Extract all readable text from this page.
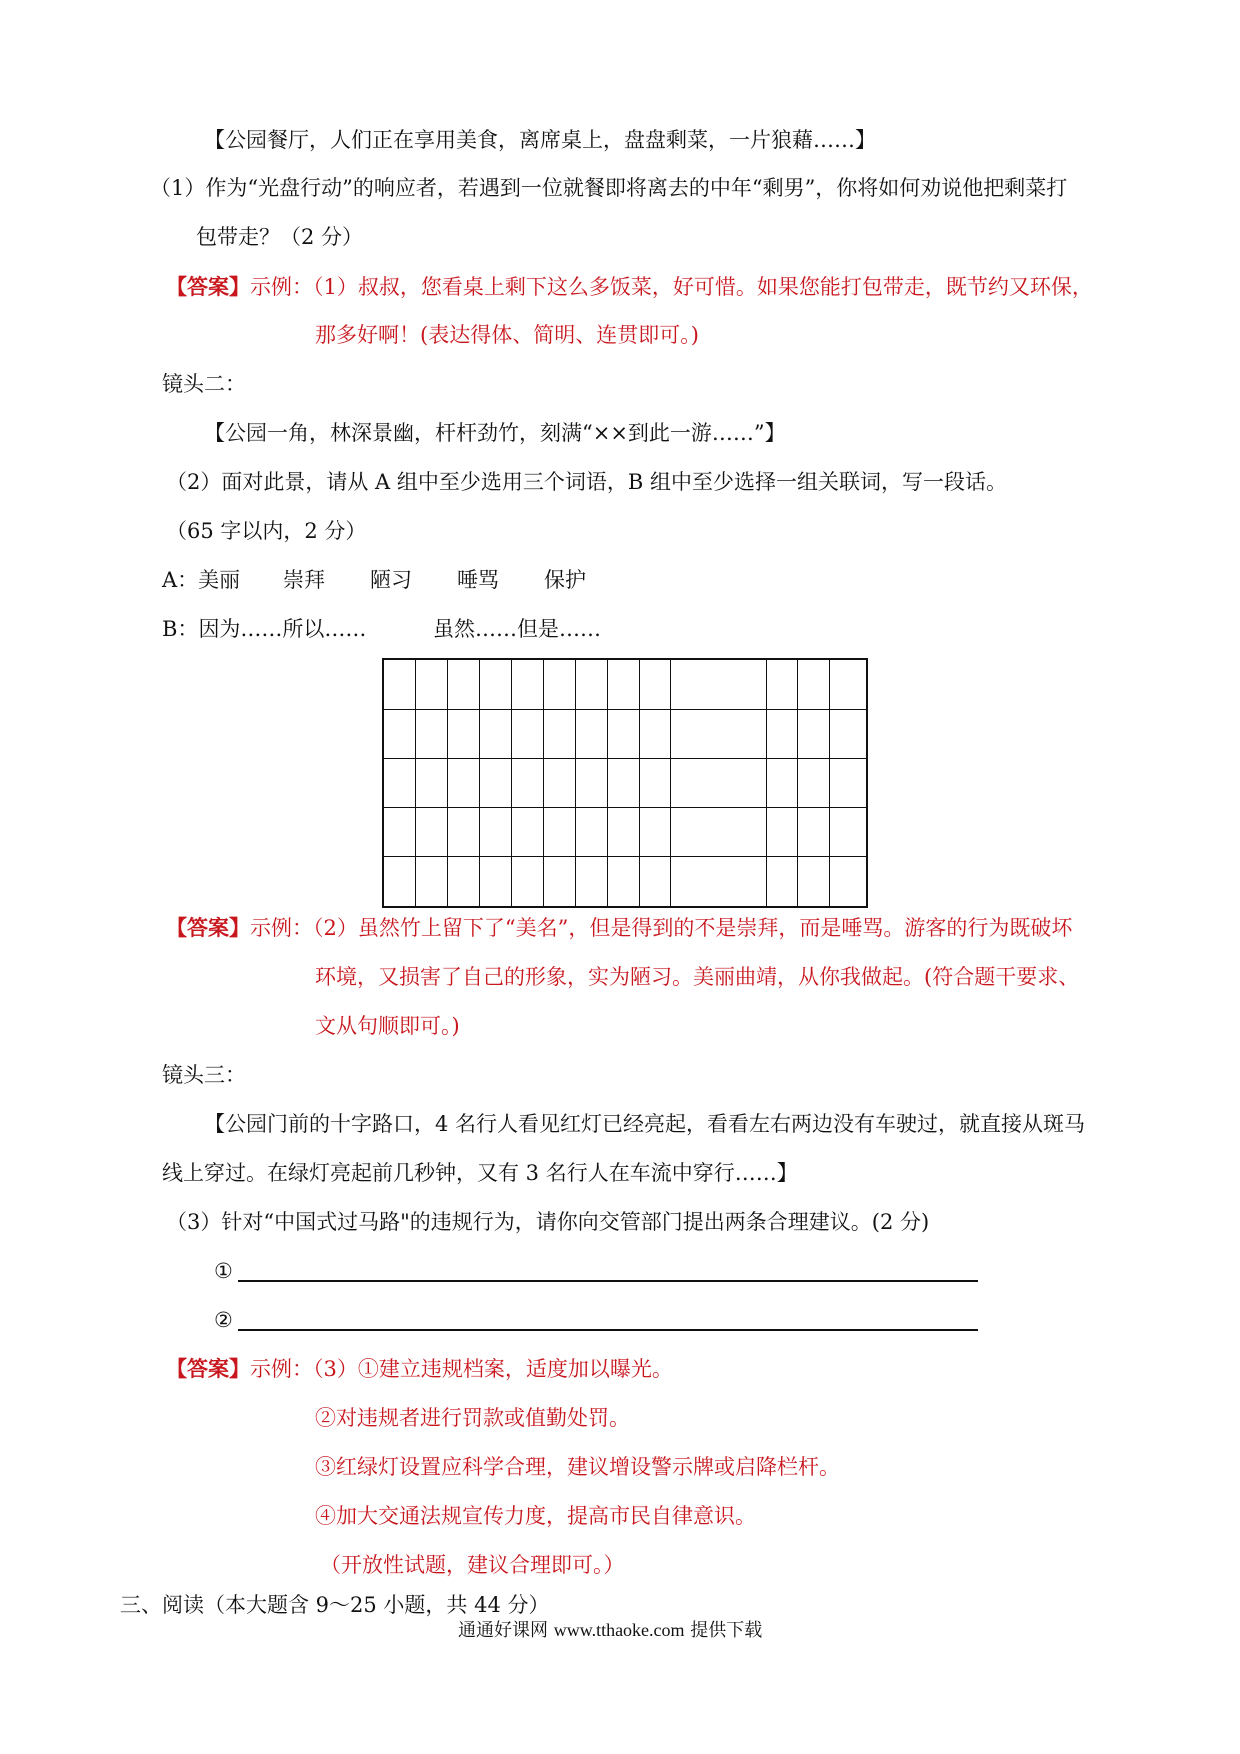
【公园餐厅，人们正在享用美食，离席桌上，盘盘剩菜，一片狼藉……】
（1）作为“光盘行动”的响应者，若遇到一位就餐即将离去的中年“剩男”，你将如何劝说他把剩菜打
包带走？（2 分）
【答案】示例：（1）叔叔，您看桌上剩下这么多饭菜，好可惜。如果您能打包带走，既节约又环保，
那多好啊！(表达得体、简明、连贯即可。)
镜头二：
【公园一角，林深景幽，杆杆劲竹，刻满“××到此一游……”】
（2）面对此景，请从 A 组中至少选用三个词语，B 组中至少选择一组关联词，写一段话。
（65 字以内，2 分）
A：美丽 崇拜 陋习 唾骂 保护
B：因为……所以……	虽然……但是……
【答案】示例：（2）虽然竹上留下了“美名”，但是得到的不是崇拜，而是唾骂。游客的行为既破坏
环境，又损害了自己的形象，实为陋习。美丽曲靖，从你我做起。(符合题干要求、
文从句顺即可。)
镜头三：
【公园门前的十字路口，4 名行人看见红灯已经亮起，看看左右两边没有车驶过，就直接从斑马
线上穿过。在绿灯亮起前几秒钟，又有 3 名行人在车流中穿行……】
（3）针对“中国式过马路"的违规行为，请你向交管部门提出两条合理建议。(2 分)
①
②
【答案】示例：（3）①建立违规档案，适度加以曝光。
②对违规者进行罚款或值勤处罚。
③红绿灯设置应科学合理，建议增设警示牌或启降栏杆。
④加大交通法规宣传力度，提高市民自律意识。
（开放性试题，建议合理即可。）
三、阅读（本大题含 9～25 小题，共 44 分）
通通好课网 www.tthaoke.com 提供下载
